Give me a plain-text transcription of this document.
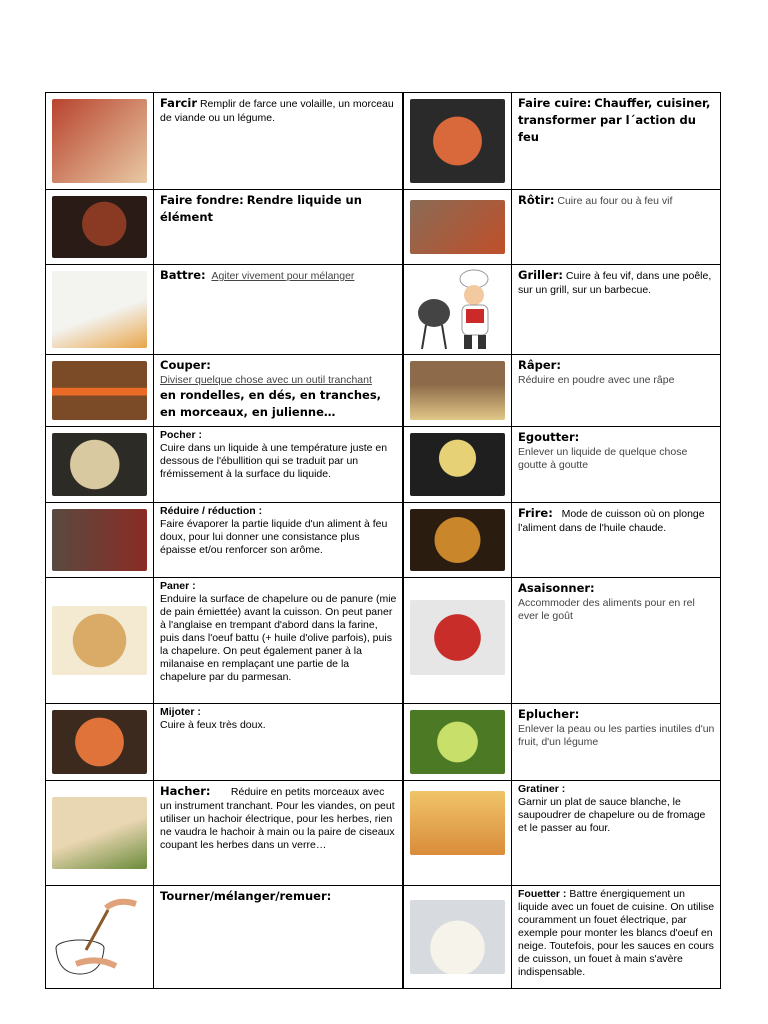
Farcir Remplir de farce une volaille, un morceau de viande ou un légume.
Faire fondre: Rendre liquide un élément
Battre: Agiter vivement pour mélanger
Couper:
Diviser quelque chose avec un outil tranchant
en rondelles, en dés, en tranches, en morceaux, en julienne…
Pocher :
Cuire dans un liquide à une température juste en dessous de l'ébullition qui se traduit par un frémissement à la surface du liquide.
Réduire / réduction :
Faire évaporer la partie liquide d'un aliment à feu doux, pour lui donner une consistance plus épaisse et/ou renforcer son arôme.
Paner :
Enduire la surface de chapelure ou de panure (mie de pain émiettée) avant la cuisson. On peut paner à l'anglaise en trempant d'abord dans la farine, puis dans l'oeuf battu (+ huile d'olive parfois), puis la chapelure. On peut également paner à la milanaise en remplaçant une partie de la chapelure par du parmesan.
Mijoter :
Cuire à feux très doux.
Hacher: Réduire en petits morceaux avec un instrument tranchant. Pour les viandes, on peut utiliser un hachoir électrique, pour les herbes, rien ne vaudra le hachoir à main ou la paire de ciseaux coupant les herbes dans un verre…
Tourner/mélanger/remuer:
Faire cuire: Chauffer, cuisiner, transformer par l´action du feu
Rôtir: Cuire au four ou à feu vif
Griller: Cuire à feu vif, dans une poêle, sur un grill, sur un barbecue.
Râper:
Réduire en poudre avec une râpe
Egoutter:
Enlever un liquide de quelque chose goutte à goutte
Frire: Mode de cuisson où on plonge l'aliment dans de l'huile chaude.
Asaisonner:
Accommoder des aliments pour en rel ever le goût
Eplucher:
Enlever la peau ou les parties inutiles d'un fruit, d'un légume
Gratiner :
Garnir un plat de sauce blanche, le saupoudrer de chapelure ou de fromage et le passer au four.
Fouetter : Battre énergiquement un liquide avec un fouet de cuisine. On utilise couramment un fouet électrique, par exemple pour monter les blancs d'oeuf en neige. Toutefois, pour les sauces en cours de cuisson, un fouet à main s'avère indispensable.
